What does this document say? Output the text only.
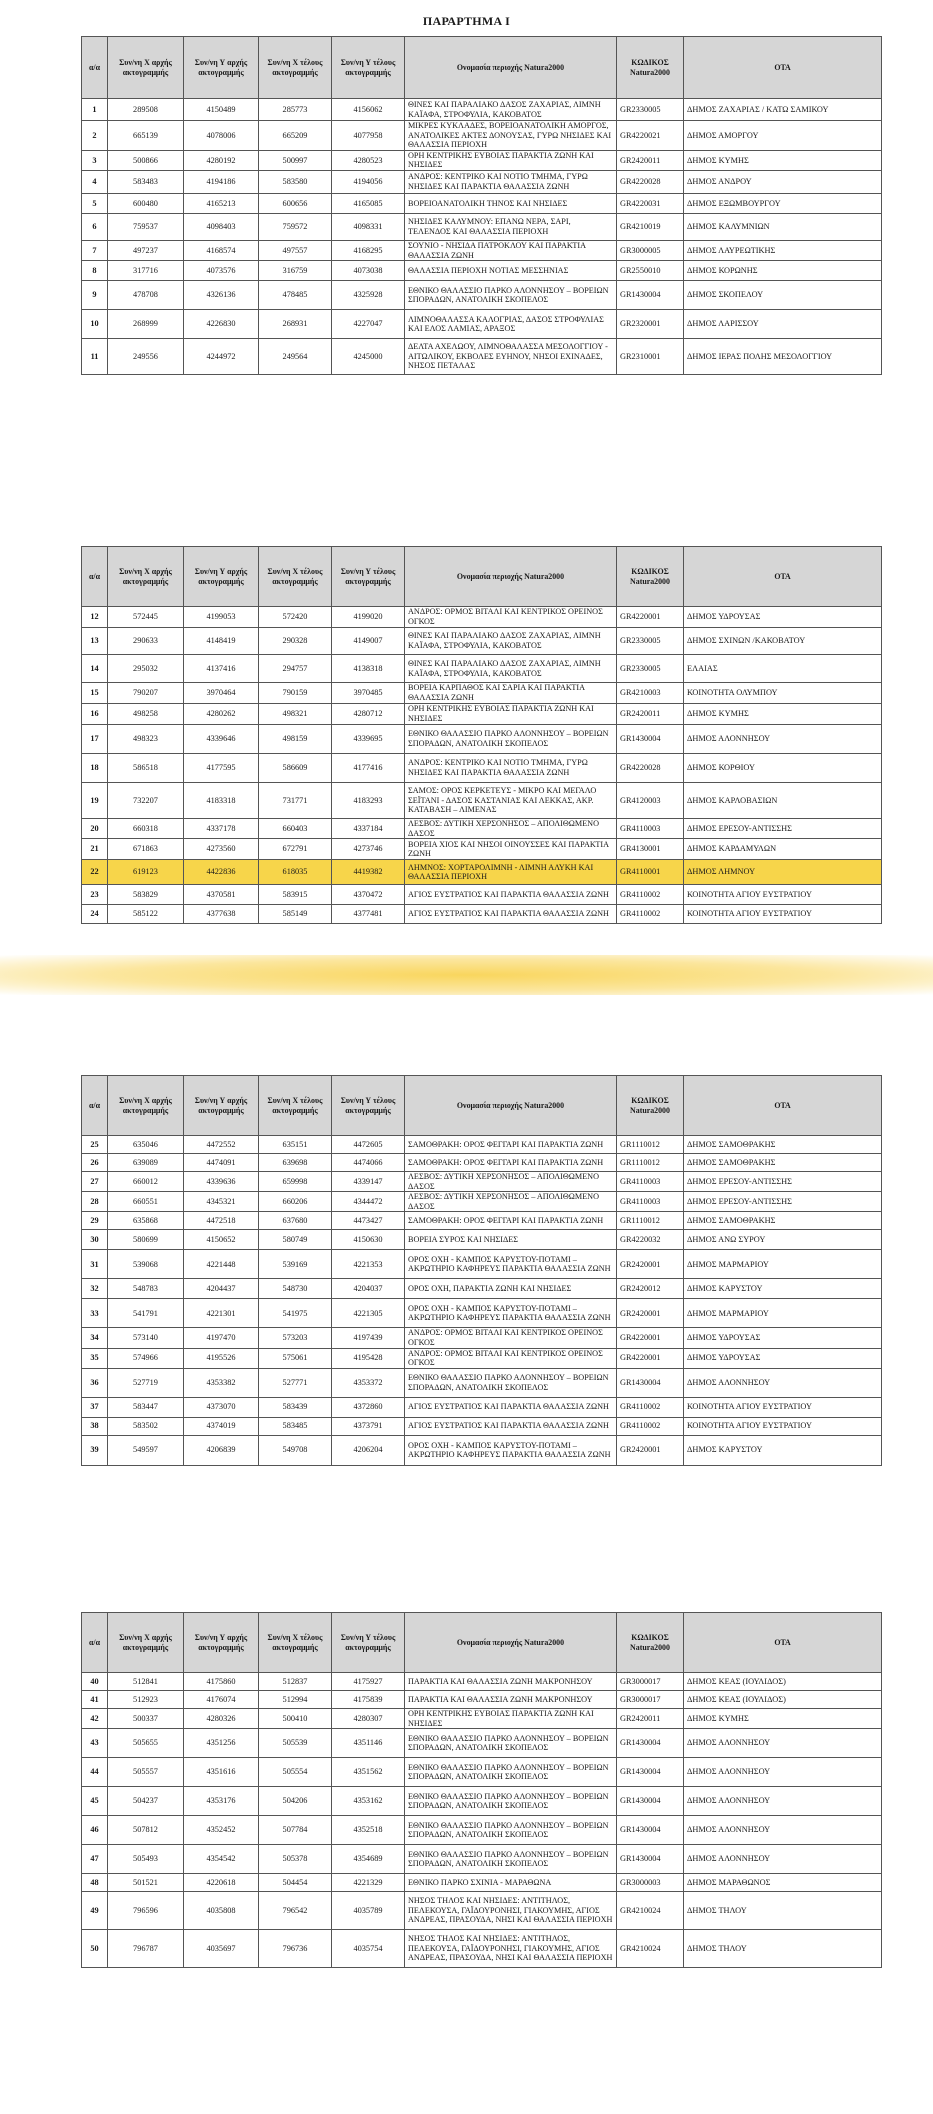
ΠΑΡΑΡΤΗΜΑ Ι
α/α	Συν/νη Χ αρχής ακτογραμμής	Συν/νη Υ αρχής ακτογραμμής	Συν/νη Χ τέλους ακτογραμμής	Συν/νη Υ τέλους ακτογραμμής	Ονομασία περιοχής Natura2000	ΚΩΔΙΚΟΣ Natura2000	ΟΤΑ
1	289508	4150489	285773	4156062	ΘΙΝΕΣ ΚΑΙ ΠΑΡΑΛΙΑΚΟ ΔΑΣΟΣ ΖΑΧΑΡΙΑΣ, ΛΙΜΝΗ ΚΑΪΑΦΑ, ΣΤΡΟΦΥΛΙΑ, ΚΑΚΟΒΑΤΟΣ	GR2330005	ΔΗΜΟΣ ΖΑΧΑΡΙΑΣ / ΚΑΤΩ ΣΑΜΙΚΟΥ
2	665139	4078006	665209	4077958	ΜΙΚΡΕΣ ΚΥΚΛΑΔΕΣ, ΒΟΡΕΙΟΑΝΑΤΟΛΙΚΗ ΑΜΟΡΓΟΣ, ΑΝΑΤΟΛΙΚΕΣ ΑΚΤΕΣ ΔΟΝΟΥΣΑΣ, ΓΥΡΩ ΝΗΣΙΔΕΣ ΚΑΙ ΘΑΛΑΣΣΙΑ ΠΕΡΙΟΧΗ	GR4220021	ΔΗΜΟΣ ΑΜΟΡΓΟΥ
3	500866	4280192	500997	4280523	ΟΡΗ ΚΕΝΤΡΙΚΗΣ ΕΥΒΟΙΑΣ ΠΑΡΑΚΤΙΑ ΖΩΝΗ ΚΑΙ ΝΗΣΙΔΕΣ	GR2420011	ΔΗΜΟΣ ΚΥΜΗΣ
4	583483	4194186	583580	4194056	ΑΝΔΡΟΣ: ΚΕΝΤΡΙΚΟ ΚΑΙ ΝΟΤΙΟ ΤΜΗΜΑ, ΓΥΡΩ ΝΗΣΙΔΕΣ ΚΑΙ ΠΑΡΑΚΤΙΑ ΘΑΛΑΣΣΙΑ ΖΩΝΗ	GR4220028	ΔΗΜΟΣ ΑΝΔΡΟΥ
5	600480	4165213	600656	4165085	ΒΟΡΕΙΟΑΝΑΤΟΛΙΚΗ ΤΗΝΟΣ ΚΑΙ ΝΗΣΙΔΕΣ	GR4220031	ΔΗΜΟΣ ΕΞΩΜΒΟΥΡΓΟΥ
6	759537	4098403	759572	4098331	ΝΗΣΙΔΕΣ ΚΑΛΥΜΝΟΥ: ΕΠΑΝΩ ΝΕΡΑ, ΣΑΡΙ, ΤΕΛΕΝΔΟΣ ΚΑΙ ΘΑΛΑΣΣΙΑ ΠΕΡΙΟΧΗ	GR4210019	ΔΗΜΟΣ ΚΑΛΥΜΝΙΩΝ
7	497237	4168574	497557	4168295	ΣΟΥΝΙΟ - ΝΗΣΙΔΑ ΠΑΤΡΟΚΛΟΥ ΚΑΙ ΠΑΡΑΚΤΙΑ ΘΑΛΑΣΣΙΑ ΖΩΝΗ	GR3000005	ΔΗΜΟΣ ΛΑΥΡΕΩΤΙΚΗΣ
8	317716	4073576	316759	4073038	ΘΑΛΑΣΣΙΑ ΠΕΡΙΟΧΗ ΝΟΤΙΑΣ ΜΕΣΣΗΝΙΑΣ	GR2550010	ΔΗΜΟΣ ΚΟΡΩΝΗΣ
9	478708	4326136	478485	4325928	ΕΘΝΙΚΟ ΘΑΛΑΣΣΙΟ ΠΑΡΚΟ ΑΛΟΝΝΗΣΟΥ – ΒΟΡΕΙΩΝ ΣΠΟΡΑΔΩΝ, ΑΝΑΤΟΛΙΚΗ ΣΚΟΠΕΛΟΣ	GR1430004	ΔΗΜΟΣ ΣΚΟΠΕΛΟΥ
10	268999	4226830	268931	4227047	ΛΙΜΝΟΘΑΛΑΣΣΑ ΚΑΛΟΓΡΙΑΣ, ΔΑΣΟΣ ΣΤΡΟΦΥΛΙΑΣ ΚΑΙ ΕΛΟΣ ΛΑΜΙΑΣ, ΑΡΑΞΟΣ	GR2320001	ΔΗΜΟΣ ΛΑΡΙΣΣΟΥ
11	249556	4244972	249564	4245000	ΔΕΛΤΑ ΑΧΕΛΩΟΥ, ΛΙΜΝΟΘΑΛΑΣΣΑ ΜΕΣΟΛΟΓΓΙΟΥ - ΑΙΤΩΛΙΚΟΥ, ΕΚΒΟΛΕΣ ΕΥΗΝΟΥ, ΝΗΣΟΙ ΕΧΙΝΑΔΕΣ, ΝΗΣΟΣ ΠΕΤΑΛΑΣ	GR2310001	ΔΗΜΟΣ ΙΕΡΑΣ ΠΟΛΗΣ ΜΕΣΟΛΟΓΓΙΟΥ
α/α	Συν/νη Χ αρχής ακτογραμμής	Συν/νη Υ αρχής ακτογραμμής	Συν/νη Χ τέλους ακτογραμμής	Συν/νη Υ τέλους ακτογραμμής	Ονομασία περιοχής Natura2000	ΚΩΔΙΚΟΣ Natura2000	ΟΤΑ
12	572445	4199053	572420	4199020	ΑΝΔΡΟΣ: ΟΡΜΟΣ ΒΙΤΑΛΙ ΚΑΙ ΚΕΝΤΡΙΚΟΣ ΟΡΕΙΝΟΣ ΟΓΚΟΣ	GR4220001	ΔΗΜΟΣ ΥΔΡΟΥΣΑΣ
13	290633	4148419	290328	4149007	ΘΙΝΕΣ ΚΑΙ ΠΑΡΑΛΙΑΚΟ ΔΑΣΟΣ ΖΑΧΑΡΙΑΣ, ΛΙΜΝΗ ΚΑΪΑΦΑ, ΣΤΡΟΦΥΛΙΑ, ΚΑΚΟΒΑΤΟΣ	GR2330005	ΔΗΜΟΣ ΣΧΙΝΩΝ /ΚΑΚΟΒΑΤΟΥ
14	295032	4137416	294757	4138318	ΘΙΝΕΣ ΚΑΙ ΠΑΡΑΛΙΑΚΟ ΔΑΣΟΣ ΖΑΧΑΡΙΑΣ, ΛΙΜΝΗ ΚΑΪΑΦΑ, ΣΤΡΟΦΥΛΙΑ, ΚΑΚΟΒΑΤΟΣ	GR2330005	ΕΛΑΙΑΣ
15	790207	3970464	790159	3970485	ΒΟΡΕΙΑ ΚΑΡΠΑΘΟΣ ΚΑΙ ΣΑΡΙΑ ΚΑΙ ΠΑΡΑΚΤΙΑ ΘΑΛΑΣΣΙΑ ΖΩΝΗ	GR4210003	ΚΟΙΝΟΤΗΤΑ ΟΛΥΜΠΟΥ
16	498258	4280262	498321	4280712	ΟΡΗ ΚΕΝΤΡΙΚΗΣ ΕΥΒΟΙΑΣ ΠΑΡΑΚΤΙΑ ΖΩΝΗ ΚΑΙ ΝΗΣΙΔΕΣ	GR2420011	ΔΗΜΟΣ ΚΥΜΗΣ
17	498323	4339646	498159	4339695	ΕΘΝΙΚΟ ΘΑΛΑΣΣΙΟ ΠΑΡΚΟ ΑΛΟΝΝΗΣΟΥ – ΒΟΡΕΙΩΝ ΣΠΟΡΑΔΩΝ, ΑΝΑΤΟΛΙΚΗ ΣΚΟΠΕΛΟΣ	GR1430004	ΔΗΜΟΣ ΑΛΟΝΝΗΣΟΥ
18	586518	4177595	586609	4177416	ΑΝΔΡΟΣ: ΚΕΝΤΡΙΚΟ ΚΑΙ ΝΟΤΙΟ ΤΜΗΜΑ, ΓΥΡΩ ΝΗΣΙΔΕΣ ΚΑΙ ΠΑΡΑΚΤΙΑ ΘΑΛΑΣΣΙΑ ΖΩΝΗ	GR4220028	ΔΗΜΟΣ ΚΟΡΘΙΟΥ
19	732207	4183318	731771	4183293	ΣΑΜΟΣ: ΟΡΟΣ ΚΕΡΚΕΤΕΥΣ - ΜΙΚΡΟ ΚΑΙ ΜΕΓΑΛΟ ΣΕΪΤΑΝΙ - ΔΑΣΟΣ ΚΑΣΤΑΝΙΑΣ ΚΑΙ ΛΕΚΚΑΣ, ΑΚΡ. ΚΑΤΑΒΑΣΗ – ΛΙΜΕΝΑΣ	GR4120003	ΔΗΜΟΣ ΚΑΡΛΟΒΑΣΙΩΝ
20	660318	4337178	660403	4337184	ΛΕΣΒΟΣ: ΔΥΤΙΚΗ ΧΕΡΣΟΝΗΣΟΣ – ΑΠΟΛΙΘΩΜΕΝΟ ΔΑΣΟΣ	GR4110003	ΔΗΜΟΣ ΕΡΕΣΟΥ-ΑΝΤΙΣΣΗΣ
21	671863	4273560	672791	4273746	ΒΟΡΕΙΑ ΧΙΟΣ ΚΑΙ ΝΗΣΟΙ ΟΙΝΟΥΣΣΕΣ ΚΑΙ ΠΑΡΑΚΤΙΑ ΖΩΝΗ	GR4130001	ΔΗΜΟΣ ΚΑΡΔΑΜΥΛΩΝ
22	619123	4422836	618035	4419382	ΛΗΜΝΟΣ: ΧΟΡΤΑΡΟΛΙΜΝΗ - ΛΙΜΝΗ ΑΛΥΚΗ ΚΑΙ ΘΑΛΑΣΣΙΑ ΠΕΡΙΟΧΗ	GR4110001	ΔΗΜΟΣ ΛΗΜΝΟΥ
23	583829	4370581	583915	4370472	ΑΓΙΟΣ ΕΥΣΤΡΑΤΙΟΣ ΚΑΙ ΠΑΡΑΚΤΙΑ ΘΑΛΑΣΣΙΑ ΖΩΝΗ	GR4110002	ΚΟΙΝΟΤΗΤΑ ΑΓΙΟΥ ΕΥΣΤΡΑΤΙΟΥ
24	585122	4377638	585149	4377481	ΑΓΙΟΣ ΕΥΣΤΡΑΤΙΟΣ ΚΑΙ ΠΑΡΑΚΤΙΑ ΘΑΛΑΣΣΙΑ ΖΩΝΗ	GR4110002	ΚΟΙΝΟΤΗΤΑ ΑΓΙΟΥ ΕΥΣΤΡΑΤΙΟΥ
α/α	Συν/νη Χ αρχής ακτογραμμής	Συν/νη Υ αρχής ακτογραμμής	Συν/νη Χ τέλους ακτογραμμής	Συν/νη Υ τέλους ακτογραμμής	Ονομασία περιοχής Natura2000	ΚΩΔΙΚΟΣ Natura2000	ΟΤΑ
25	635046	4472552	635151	4472605	ΣΑΜΟΘΡΑΚΗ: ΟΡΟΣ ΦΕΓΓΑΡΙ ΚΑΙ ΠΑΡΑΚΤΙΑ ΖΩΝΗ	GR1110012	ΔΗΜΟΣ ΣΑΜΟΘΡΑΚΗΣ
26	639089	4474091	639698	4474066	ΣΑΜΟΘΡΑΚΗ: ΟΡΟΣ ΦΕΓΓΑΡΙ ΚΑΙ ΠΑΡΑΚΤΙΑ ΖΩΝΗ	GR1110012	ΔΗΜΟΣ ΣΑΜΟΘΡΑΚΗΣ
27	660012	4339636	659998	4339147	ΛΕΣΒΟΣ: ΔΥΤΙΚΗ ΧΕΡΣΟΝΗΣΟΣ – ΑΠΟΛΙΘΩΜΕΝΟ ΔΑΣΟΣ	GR4110003	ΔΗΜΟΣ ΕΡΕΣΟΥ-ΑΝΤΙΣΣΗΣ
28	660551	4345321	660206	4344472	ΛΕΣΒΟΣ: ΔΥΤΙΚΗ ΧΕΡΣΟΝΗΣΟΣ – ΑΠΟΛΙΘΩΜΕΝΟ ΔΑΣΟΣ	GR4110003	ΔΗΜΟΣ ΕΡΕΣΟΥ-ΑΝΤΙΣΣΗΣ
29	635868	4472518	637680	4473427	ΣΑΜΟΘΡΑΚΗ: ΟΡΟΣ ΦΕΓΓΑΡΙ ΚΑΙ ΠΑΡΑΚΤΙΑ ΖΩΝΗ	GR1110012	ΔΗΜΟΣ ΣΑΜΟΘΡΑΚΗΣ
30	580699	4150652	580749	4150630	ΒΟΡΕΙΑ ΣΥΡΟΣ ΚΑΙ ΝΗΣΙΔΕΣ	GR4220032	ΔΗΜΟΣ ΑΝΩ ΣΥΡΟΥ
31	539068	4221448	539169	4221353	ΟΡΟΣ ΟΧΗ - ΚΑΜΠΟΣ ΚΑΡΥΣΤΟΥ-ΠΟΤΑΜΙ – ΑΚΡΩΤΗΡΙΟ ΚΑΦΗΡΕΥΣ ΠΑΡΑΚΤΙΑ ΘΑΛΑΣΣΙΑ ΖΩΝΗ	GR2420001	ΔΗΜΟΣ ΜΑΡΜΑΡΙΟΥ
32	548783	4204437	548730	4204037	ΟΡΟΣ ΟΧΗ, ΠΑΡΑΚΤΙΑ ΖΩΝΗ ΚΑΙ ΝΗΣΙΔΕΣ	GR2420012	ΔΗΜΟΣ ΚΑΡΥΣΤΟΥ
33	541791	4221301	541975	4221305	ΟΡΟΣ ΟΧΗ - ΚΑΜΠΟΣ ΚΑΡΥΣΤΟΥ-ΠΟΤΑΜΙ – ΑΚΡΩΤΗΡΙΟ ΚΑΦΗΡΕΥΣ ΠΑΡΑΚΤΙΑ ΘΑΛΑΣΣΙΑ ΖΩΝΗ	GR2420001	ΔΗΜΟΣ ΜΑΡΜΑΡΙΟΥ
34	573140	4197470	573203	4197439	ΑΝΔΡΟΣ: ΟΡΜΟΣ ΒΙΤΑΛΙ ΚΑΙ ΚΕΝΤΡΙΚΟΣ ΟΡΕΙΝΟΣ ΟΓΚΟΣ	GR4220001	ΔΗΜΟΣ ΥΔΡΟΥΣΑΣ
35	574966	4195526	575061	4195428	ΑΝΔΡΟΣ: ΟΡΜΟΣ ΒΙΤΑΛΙ ΚΑΙ ΚΕΝΤΡΙΚΟΣ ΟΡΕΙΝΟΣ ΟΓΚΟΣ	GR4220001	ΔΗΜΟΣ ΥΔΡΟΥΣΑΣ
36	527719	4353382	527771	4353372	ΕΘΝΙΚΟ ΘΑΛΑΣΣΙΟ ΠΑΡΚΟ ΑΛΟΝΝΗΣΟΥ – ΒΟΡΕΙΩΝ ΣΠΟΡΑΔΩΝ, ΑΝΑΤΟΛΙΚΗ ΣΚΟΠΕΛΟΣ	GR1430004	ΔΗΜΟΣ ΑΛΟΝΝΗΣΟΥ
37	583447	4373070	583439	4372860	ΑΓΙΟΣ ΕΥΣΤΡΑΤΙΟΣ ΚΑΙ ΠΑΡΑΚΤΙΑ ΘΑΛΑΣΣΙΑ ΖΩΝΗ	GR4110002	ΚΟΙΝΟΤΗΤΑ ΑΓΙΟΥ ΕΥΣΤΡΑΤΙΟΥ
38	583502	4374019	583485	4373791	ΑΓΙΟΣ ΕΥΣΤΡΑΤΙΟΣ ΚΑΙ ΠΑΡΑΚΤΙΑ ΘΑΛΑΣΣΙΑ ΖΩΝΗ	GR4110002	ΚΟΙΝΟΤΗΤΑ ΑΓΙΟΥ ΕΥΣΤΡΑΤΙΟΥ
39	549597	4206839	549708	4206204	ΟΡΟΣ ΟΧΗ - ΚΑΜΠΟΣ ΚΑΡΥΣΤΟΥ-ΠΟΤΑΜΙ – ΑΚΡΩΤΗΡΙΟ ΚΑΦΗΡΕΥΣ ΠΑΡΑΚΤΙΑ ΘΑΛΑΣΣΙΑ ΖΩΝΗ	GR2420001	ΔΗΜΟΣ ΚΑΡΥΣΤΟΥ
α/α	Συν/νη Χ αρχής ακτογραμμής	Συν/νη Υ αρχής ακτογραμμής	Συν/νη Χ τέλους ακτογραμμής	Συν/νη Υ τέλους ακτογραμμής	Ονομασία περιοχής Natura2000	ΚΩΔΙΚΟΣ Natura2000	ΟΤΑ
40	512841	4175860	512837	4175927	ΠΑΡΑΚΤΙΑ ΚΑΙ ΘΑΛΑΣΣΙΑ ΖΩΝΗ ΜΑΚΡΟΝΗΣΟΥ	GR3000017	ΔΗΜΟΣ ΚΕΑΣ (ΙΟΥΛΙΔΟΣ)
41	512923	4176074	512994	4175839	ΠΑΡΑΚΤΙΑ ΚΑΙ ΘΑΛΑΣΣΙΑ ΖΩΝΗ ΜΑΚΡΟΝΗΣΟΥ	GR3000017	ΔΗΜΟΣ ΚΕΑΣ (ΙΟΥΛΙΔΟΣ)
42	500337	4280326	500410	4280307	ΟΡΗ ΚΕΝΤΡΙΚΗΣ ΕΥΒΟΙΑΣ ΠΑΡΑΚΤΙΑ ΖΩΝΗ ΚΑΙ ΝΗΣΙΔΕΣ	GR2420011	ΔΗΜΟΣ ΚΥΜΗΣ
43	505655	4351256	505539	4351146	ΕΘΝΙΚΟ ΘΑΛΑΣΣΙΟ ΠΑΡΚΟ ΑΛΟΝΝΗΣΟΥ – ΒΟΡΕΙΩΝ ΣΠΟΡΑΔΩΝ, ΑΝΑΤΟΛΙΚΗ ΣΚΟΠΕΛΟΣ	GR1430004	ΔΗΜΟΣ ΑΛΟΝΝΗΣΟΥ
44	505557	4351616	505554	4351562	ΕΘΝΙΚΟ ΘΑΛΑΣΣΙΟ ΠΑΡΚΟ ΑΛΟΝΝΗΣΟΥ – ΒΟΡΕΙΩΝ ΣΠΟΡΑΔΩΝ, ΑΝΑΤΟΛΙΚΗ ΣΚΟΠΕΛΟΣ	GR1430004	ΔΗΜΟΣ ΑΛΟΝΝΗΣΟΥ
45	504237	4353176	504206	4353162	ΕΘΝΙΚΟ ΘΑΛΑΣΣΙΟ ΠΑΡΚΟ ΑΛΟΝΝΗΣΟΥ – ΒΟΡΕΙΩΝ ΣΠΟΡΑΔΩΝ, ΑΝΑΤΟΛΙΚΗ ΣΚΟΠΕΛΟΣ	GR1430004	ΔΗΜΟΣ ΑΛΟΝΝΗΣΟΥ
46	507812	4352452	507784	4352518	ΕΘΝΙΚΟ ΘΑΛΑΣΣΙΟ ΠΑΡΚΟ ΑΛΟΝΝΗΣΟΥ – ΒΟΡΕΙΩΝ ΣΠΟΡΑΔΩΝ, ΑΝΑΤΟΛΙΚΗ ΣΚΟΠΕΛΟΣ	GR1430004	ΔΗΜΟΣ ΑΛΟΝΝΗΣΟΥ
47	505493	4354542	505378	4354689	ΕΘΝΙΚΟ ΘΑΛΑΣΣΙΟ ΠΑΡΚΟ ΑΛΟΝΝΗΣΟΥ – ΒΟΡΕΙΩΝ ΣΠΟΡΑΔΩΝ, ΑΝΑΤΟΛΙΚΗ ΣΚΟΠΕΛΟΣ	GR1430004	ΔΗΜΟΣ ΑΛΟΝΝΗΣΟΥ
48	501521	4220618	504454	4221329	ΕΘΝΙΚΟ ΠΑΡΚΟ ΣΧΙΝΙΑ - ΜΑΡΑΘΩΝΑ	GR3000003	ΔΗΜΟΣ ΜΑΡΑΘΩΝΟΣ
49	796596	4035808	796542	4035789	ΝΗΣΟΣ ΤΗΛΟΣ ΚΑΙ ΝΗΣΙΔΕΣ: ΑΝΤΙΤΗΛΟΣ, ΠΕΛΕΚΟΥΣΑ, ΓΑΪΔΟΥΡΟΝΗΣΙ, ΓΙΑΚΟΥΜΗΣ, ΑΓΙΟΣ ΑΝΔΡΕΑΣ, ΠΡΑΣΟΥΔΑ, ΝΗΣΙ ΚΑΙ ΘΑΛΑΣΣΙΑ ΠΕΡΙΟΧΗ	GR4210024	ΔΗΜΟΣ ΤΗΛΟΥ
50	796787	4035697	796736	4035754	ΝΗΣΟΣ ΤΗΛΟΣ ΚΑΙ ΝΗΣΙΔΕΣ: ΑΝΤΙΤΗΛΟΣ, ΠΕΛΕΚΟΥΣΑ, ΓΑΪΔΟΥΡΟΝΗΣΙ, ΓΙΑΚΟΥΜΗΣ, ΑΓΙΟΣ ΑΝΔΡΕΑΣ, ΠΡΑΣΟΥΔΑ, ΝΗΣΙ ΚΑΙ ΘΑΛΑΣΣΙΑ ΠΕΡΙΟΧΗ	GR4210024	ΔΗΜΟΣ ΤΗΛΟΥ
